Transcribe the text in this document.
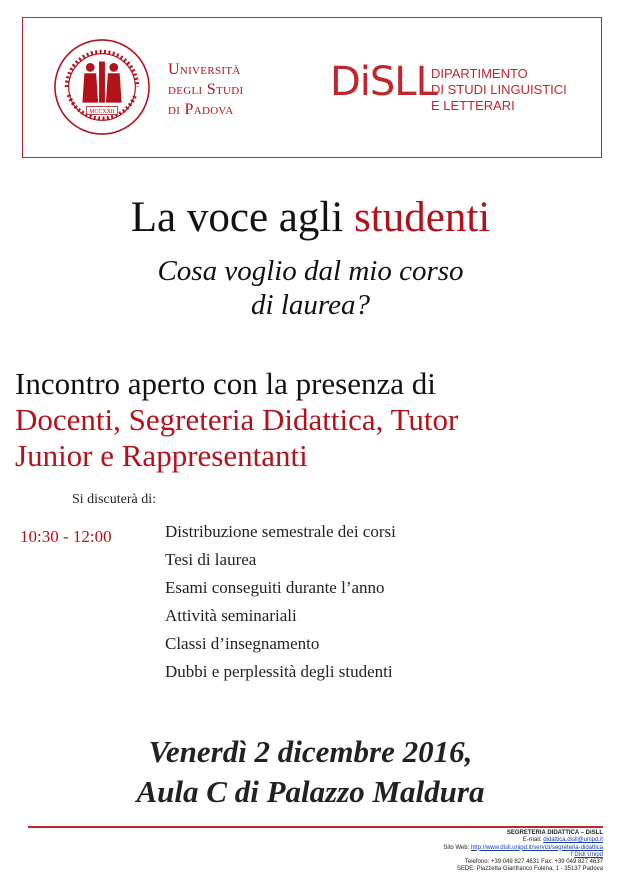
MCCXXII
Università
degli Studi
di Padova
DiSLL
DIPARTIMENTO
DI STUDI LINGUISTICI
E LETTERARI
La voce agli studenti
Cosa voglio dal mio corso
di laurea?
Incontro aperto con la presenza di
Docenti, Segreteria Didattica, Tutor
Junior e Rappresentanti
Si discuterà di:
10:30 - 12:00	Distribuzione semestrale dei corsi
Tesi di laurea
Esami conseguiti durante l’anno
Attività seminariali
Classi d’insegnamento
Dubbi e perplessità degli studenti
Venerdì 2 dicembre 2016,
Aula C di Palazzo Maldura
SEGRETERIA DIDATTICA – DiSLL
E-mail: didattica.disll@unipd.it
Sito Web: http://www.disll.unipd.it/servizi/segreteria-didattica
f Disll Unipd
Telefono: +39 049 827 4631 Fax: +39 049 827 4637
SEDE: Piazzetta Gianfranco Folena, 1 - 35137 Padova
